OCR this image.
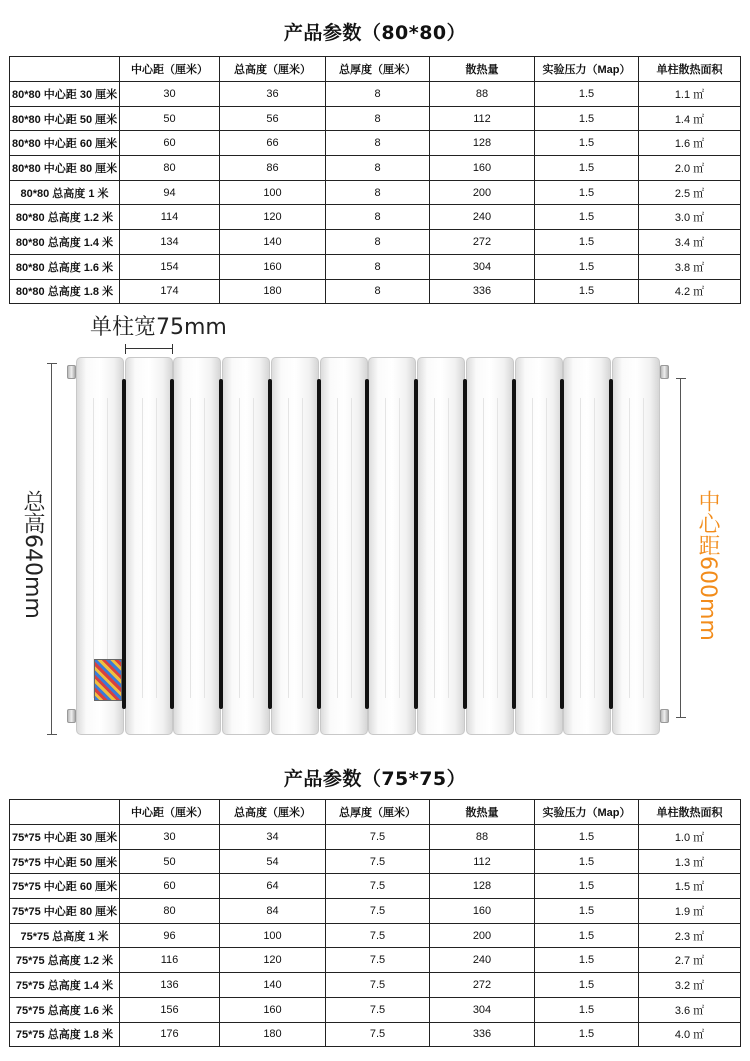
产品参数（80*80）
	中心距（厘米）	总高度（厘米）	总厚度（厘米）	散热量	实验压力（Map）	单柱散热面积
80*80 中心距 30 厘米	30	36	8	88	1.5	1.1 ㎡
80*80 中心距 50 厘米	50	56	8	112	1.5	1.4 ㎡
80*80 中心距 60 厘米	60	66	8	128	1.5	1.6 ㎡
80*80 中心距 80 厘米	80	86	8	160	1.5	2.0 ㎡
80*80 总高度 1 米	94	100	8	200	1.5	2.5 ㎡
80*80 总高度 1.2 米	114	120	8	240	1.5	3.0 ㎡
80*80 总高度 1.4 米	134	140	8	272	1.5	3.4 ㎡
80*80 总高度 1.6 米	154	160	8	304	1.5	3.8 ㎡
80*80 总高度 1.8 米	174	180	8	336	1.5	4.2 ㎡
单柱宽75mm
总高640mm	中心距600mm
产品参数（75*75）
	中心距（厘米）	总高度（厘米）	总厚度（厘米）	散热量	实验压力（Map）	单柱散热面积
75*75 中心距 30 厘米	30	34	7.5	88	1.5	1.0 ㎡
75*75 中心距 50 厘米	50	54	7.5	112	1.5	1.3 ㎡
75*75 中心距 60 厘米	60	64	7.5	128	1.5	1.5 ㎡
75*75 中心距 80 厘米	80	84	7.5	160	1.5	1.9 ㎡
75*75 总高度 1 米	96	100	7.5	200	1.5	2.3 ㎡
75*75 总高度 1.2 米	116	120	7.5	240	1.5	2.7 ㎡
75*75 总高度 1.4 米	136	140	7.5	272	1.5	3.2 ㎡
75*75 总高度 1.6 米	156	160	7.5	304	1.5	3.6 ㎡
75*75 总高度 1.8 米	176	180	7.5	336	1.5	4.0 ㎡
